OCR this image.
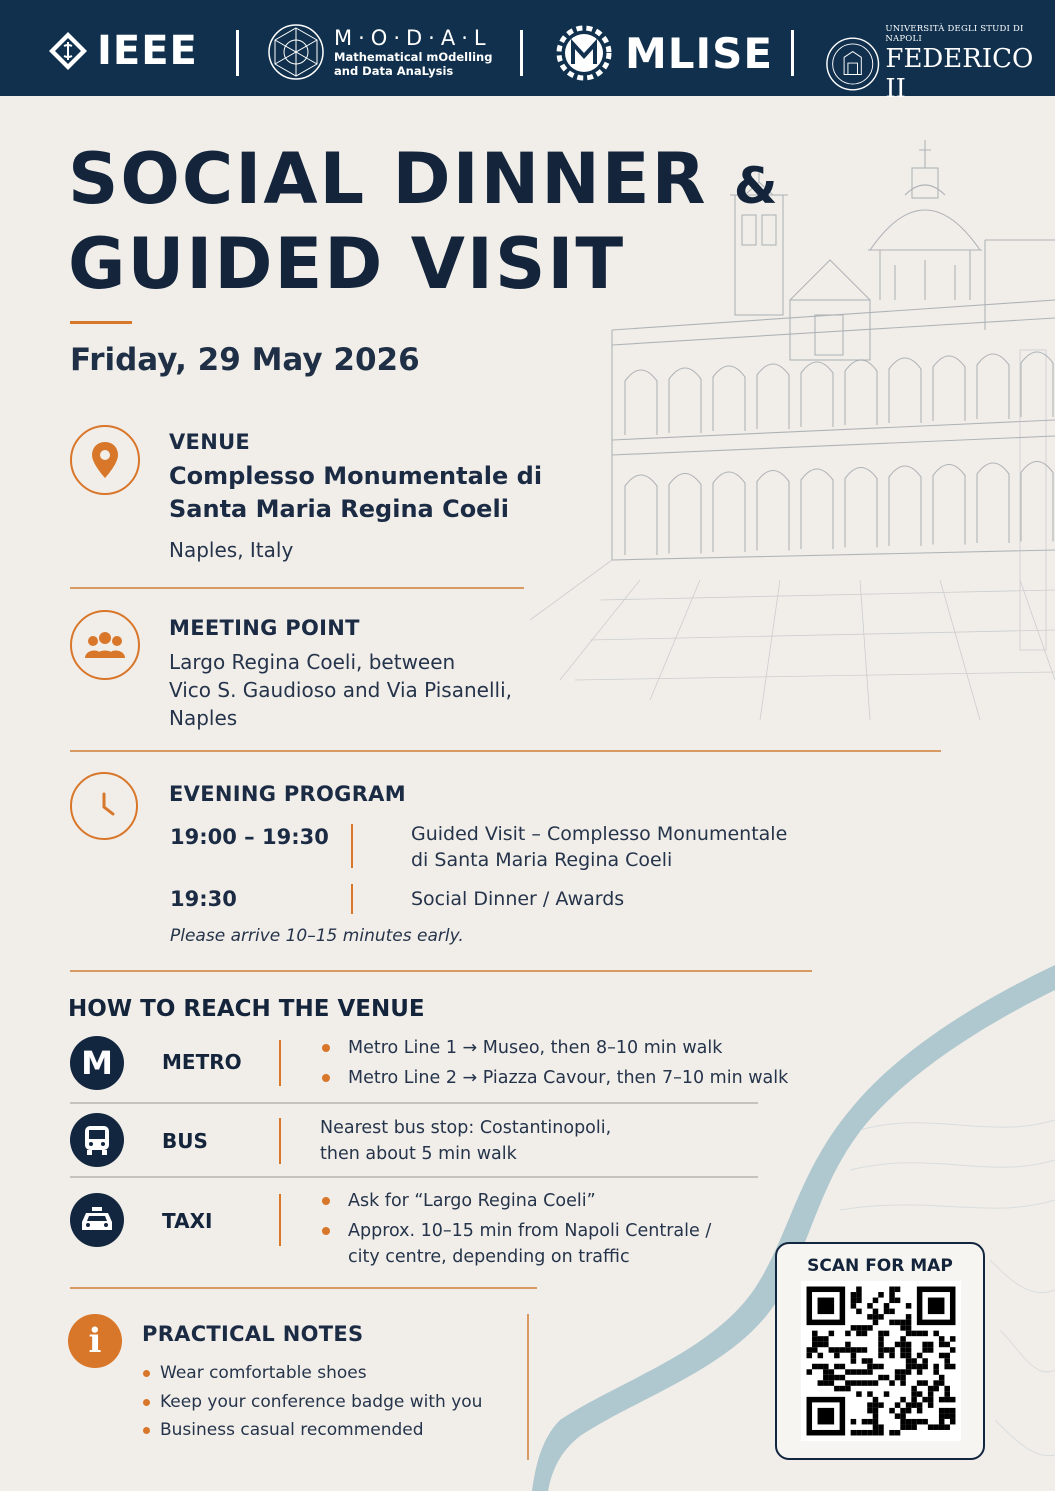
IEEE	M·O·D·A·L
Mathematical mOdelling
and Data AnaLysis	MLISE	UNIVERSITÀ DEGLI STUDI DI NAPOLI
FEDERICO II
SOCIAL DINNER &
GUIDED VISIT
Friday, 29 May 2026
VENUE
Complesso Monumentale di
Santa Maria Regina Coeli
Naples, Italy
MEETING POINT
Largo Regina Coeli, between
Vico S. Gaudioso and Via Pisanelli,
Naples
EVENING PROGRAM
19:00 – 19:30	Guided Visit – Complesso Monumentale
di Santa Maria Regina Coeli
19:30	Social Dinner / Awards
Please arrive 10–15 minutes early.
HOW TO REACH THE VENUE
M METRO
Metro Line 1 → Museo, then 8–10 min walk
Metro Line 2 → Piazza Cavour, then 7–10 min walk
BUS
Nearest bus stop: Costantinopoli,
then about 5 min walk
TAXI
Ask for “Largo Regina Coeli”
Approx. 10–15 min from Napoli Centrale /
city centre, depending on traffic
i PRACTICAL NOTES
Wear comfortable shoes
Keep your conference badge with you
Business casual recommended
SCAN FOR MAP
